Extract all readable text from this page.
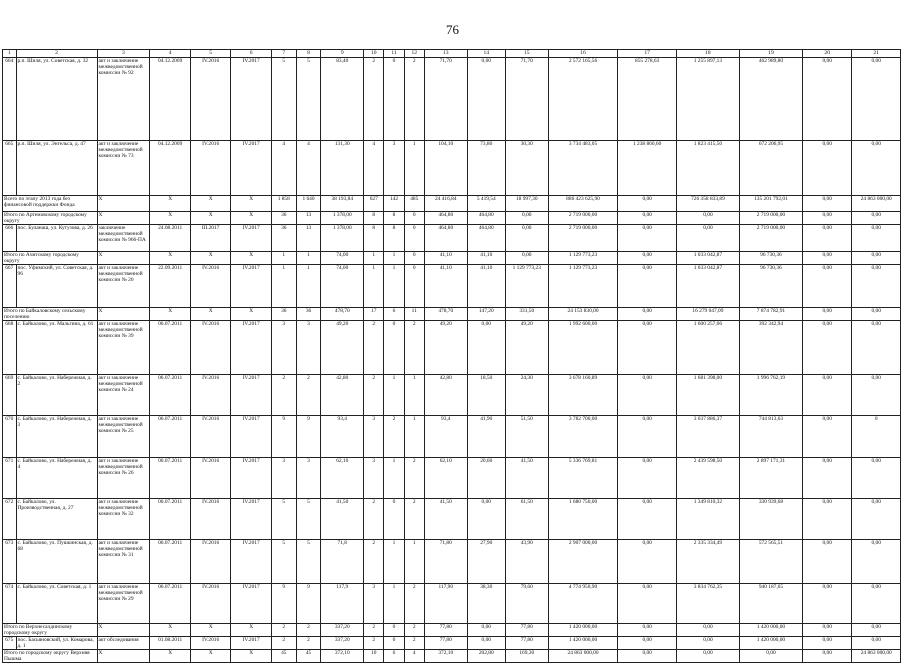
76
1	2	3	4	5	6	7	8	9	10	11	12	13	14	15	16	17	18	19	20	21
664	р.п. Шиля, ул. Советская, д. 32	акт и заключение межведомственной комиссии № 92	04.12.2009	IV.2016	IV.2017	5	5	83,40	2	0	2	71,70	0,00	71,70	2 572 165,56	855 278,63	1 255 897,13	462 989,80	0,00	0,00
665	р.п. Шиля, ул. Энгельса, д. 47	акт и заключение межведомственной комиссии № 73	04.12.2009	IV.2016	IV.2017	4	4	131,30	4	3	1	104,10	73,80	30,30	3 734 483,05	1 238 860,60	1 823 415,50	672 206,95	0,00	0,00
Всего по этапу 2013 года без финансовой поддержки Фонда		Х	Х	Х	Х	1 858	1 640	38 193,84	627	142	485	24 416,84	5 419,54	18 997,30	886 423 625,90	0,00	726 358 833,89	135 201 792,01	0,00	24 863 000,00
Итого по Артемовскому городскому округу		Х	Х	Х	Х	36	13	1 378,00	8	8	0	464,80	464,80	0,00	2 719 000,00	0,00	0,00	2 719 000,00	0,00	0,00
666	пос. Буланаш, ул. Кутузова, д. 26	заключение межведомственной комиссии № 966-ПА	24.08.2011	III.2017	IV.2017	36	13	1 378,00	8	8	0	464,80	464,80	0,00	2 719 000,00	0,00	0,00	2 719 000,00	0,00	0,00
Итого по Ачитскому городскому округу		Х	Х	Х	Х	1	1	74,00	1	1	0	41,10	41,10	0,00	1 129 773,23	0,00	1 033 042,87	96 730,36	0,00	0,00
667	пос. Уфимский, ул. Советская, д. 96	акт и заключение межведомственной комиссии № 20	22.09.2011	IV.2016	IV.2017	1	1	74,00	1	1	0	41,10	41,10	1 129 773,23	1 129 773,23	0,00	1 033 042,87	96 730,36	0,00	0,00
Итого по Байкаловскому сельскому поселению		Х	Х	Х	Х	36	36	478,70	17	6	11	478,70	147,20	331,50	24 153 830,00	0,00	16 279 047,09	7 874 782,91	0,00	0,00
668	с. Байкалово, ул. Мальгина, д. 61	акт и заключение межведомственной комиссии № 39	06.07.2011	IV.2016	IV.2017	3	3	49,20	2	0	2	49,20	0,00	49,20	1 992 600,00	0,00	1 600 257,06	392 342,94	0,00	0,00
669	с. Байкалово, ул. Набережная, д. 2	акт и заключение межведомственной комиссии № 24	06.07.2011	IV.2016	IV.2017	2	2	42,80	2	1	1	42,80	18,50	24,30	3 678 160,89	0,00	1 681 398,00	1 996 762,19	0,00	0,00
670	с. Байкалово, ул. Набережная, д. 3	акт и заключение межведомственной комиссии № 25	06.07.2011	IV.2016	IV.2017	9	9	93,4	3	2	1	93,4	41,90	51,50	3 782 700,00	0,00	3 037 886,37	744 813,63	0,00	0
671	с. Байкалово, ул. Набережная, д. 4	акт и заключение межведомственной комиссии № 26	06.07.2011	IV.2016	IV.2017	3	3	62,10	3	1	2	62,10	20,60	41,50	5 336 769,81	0,00	2 439 598,50	2 897 171,31	0,00	0,00
672	с. Байкалово, ул. Производственная, д. 27	акт и заключение межведомственной комиссии № 32	06.07.2011	IV.2016	IV.2017	5	5	41,50	2	0	2	41,50	0,00	61,50	1 680 750,00	0,00	1 349 810,32	330 939,68	0,00	0,00
673	с. Байкалово, ул. Пушкинская, д. 68	акт и заключение межведомственной комиссии № 31	06.07.2011	IV.2016	IV.2017	5	5	71,8	2	1	1	71,80	27,90	43,90	2 907 000,00	0,00	2 335 334,49	572 565,51	0,00	0,00
674	с. Байкалово, ул. Советская, д. 1	акт и заключение межведомственной комиссии № 29	06.07.2011	IV.2016	IV.2017	9	9	117,9	3	1	2	117,90	38,30	79,60	4 774 950,90	0,00	3 834 762,35	940 187,65	0,00	0,00
Итого по Верхнесалдинскому городскому округу		Х	Х	Х	Х	2	2	337,20	2	0	2	77,80	0,00	77,80	1 420 000,00	0,00	0,00	1 420 000,00	0,00	0,00
675	пос. Басьяновский, ул. Комарова, д. 1	акт обследования	01.08.2011	IV.2016	IV.2017	2	2	337,20	2	0	2	77,80	0,00	77,80	1 420 000,00	0,00	0,00	1 420 000,00	0,00	0,00
Итого по городскому округу Верхняя Пышма		Х	Х	Х	Х	45	45	372,10	10	6	4	372,10	202,80	169,30	24 863 000,00	0,00	0,00	0,00	0,00	24 863 000,00
